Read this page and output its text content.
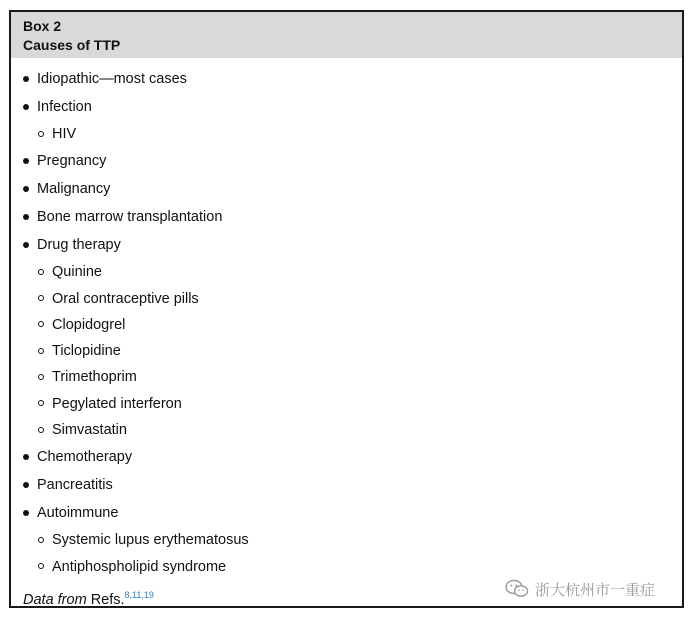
Box 2
Causes of TTP
Idiopathic—most cases
Infection
HIV
Pregnancy
Malignancy
Bone marrow transplantation
Drug therapy
Quinine
Oral contraceptive pills
Clopidogrel
Ticlopidine
Trimethoprim
Pegylated interferon
Simvastatin
Chemotherapy
Pancreatitis
Autoimmune
Systemic lupus erythematosus
Antiphospholipid syndrome
Data from Refs.$^{8,11,19}$	浙大杭州市一重症
